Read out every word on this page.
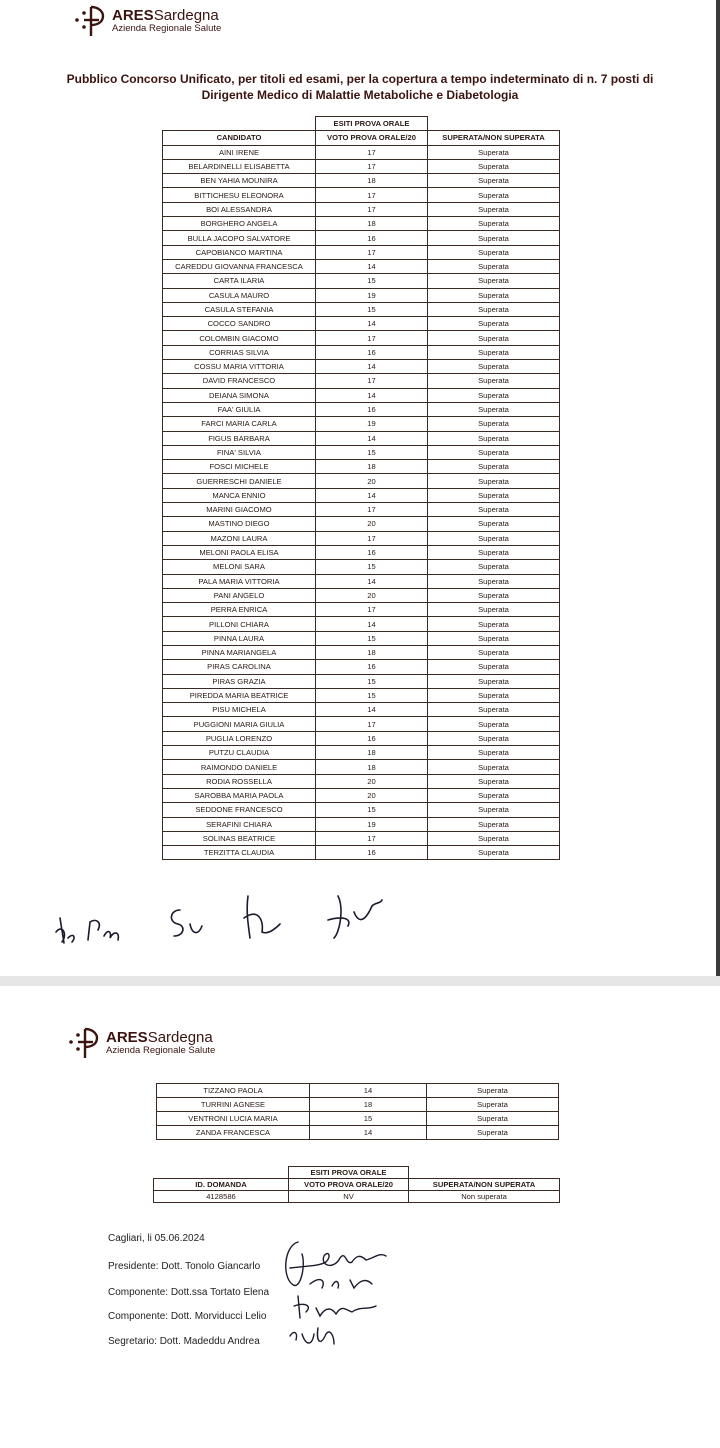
ARESSardegna
Azienda Regionale Salute
Pubblico Concorso Unificato, per titoli ed esami, per la copertura a tempo indeterminato di n. 7 posti di
Dirigente Medico di Malattie Metaboliche e Diabetologia
	ESITI PROVA ORALE	
CANDIDATO	VOTO PROVA ORALE/20	SUPERATA/NON SUPERATA
AINI IRENE	17	Superata
BELARDINELLI ELISABETTA	17	Superata
BEN YAHIA MOUNIRA	18	Superata
BITTICHESU ELEONORA	17	Superata
BOI ALESSANDRA	17	Superata
BORGHERO ANGELA	18	Superata
BULLA JACOPO SALVATORE	16	Superata
CAPOBIANCO MARTINA	17	Superata
CAREDDU GIOVANNA FRANCESCA	14	Superata
CARTA ILARIA	15	Superata
CASULA MAURO	19	Superata
CASULA STEFANIA	15	Superata
COCCO SANDRO	14	Superata
COLOMBIN GIACOMO	17	Superata
CORRIAS SILVIA	16	Superata
COSSU MARIA VITTORIA	14	Superata
DAVID FRANCESCO	17	Superata
DEIANA SIMONA	14	Superata
FAA' GIULIA	16	Superata
FARCI MARIA CARLA	19	Superata
FIGUS BARBARA	14	Superata
FINA' SILVIA	15	Superata
FOSCI MICHELE	18	Superata
GUERRESCHI DANIELE	20	Superata
MANCA ENNIO	14	Superata
MARINI GIACOMO	17	Superata
MASTINO DIEGO	20	Superata
MAZONI LAURA	17	Superata
MELONI PAOLA ELISA	16	Superata
MELONI SARA	15	Superata
PALA MARIA VITTORIA	14	Superata
PANI ANGELO	20	Superata
PERRA ENRICA	17	Superata
PILLONI CHIARA	14	Superata
PINNA LAURA	15	Superata
PINNA MARIANGELA	18	Superata
PIRAS CAROLINA	16	Superata
PIRAS GRAZIA	15	Superata
PIREDDA MARIA BEATRICE	15	Superata
PISU MICHELA	14	Superata
PUGGIONI MARIA GIULIA	17	Superata
PUGLIA LORENZO	16	Superata
PUTZU CLAUDIA	18	Superata
RAIMONDO DANIELE	18	Superata
RODIA ROSSELLA	20	Superata
SAROBBA MARIA PAOLA	20	Superata
SEDDONE FRANCESCO	15	Superata
SERAFINI CHIARA	19	Superata
SOLINAS BEATRICE	17	Superata
TERZITTA CLAUDIA	16	Superata
ARESSardegna
Azienda Regionale Salute
TIZZANO PAOLA	14	Superata
TURRINI AGNESE	18	Superata
VENTRONI LUCIA MARIA	15	Superata
ZANDA FRANCESCA	14	Superata
	ESITI PROVA ORALE	
ID. DOMANDA	VOTO PROVA ORALE/20	SUPERATA/NON SUPERATA
4128586	NV	Non superata
Cagliari, li 05.06.2024
Presidente: Dott. Tonolo Giancarlo
Componente: Dott.ssa Tortato Elena
Componente: Dott. Morviducci Lelio
Segretario: Dott. Madeddu Andrea
